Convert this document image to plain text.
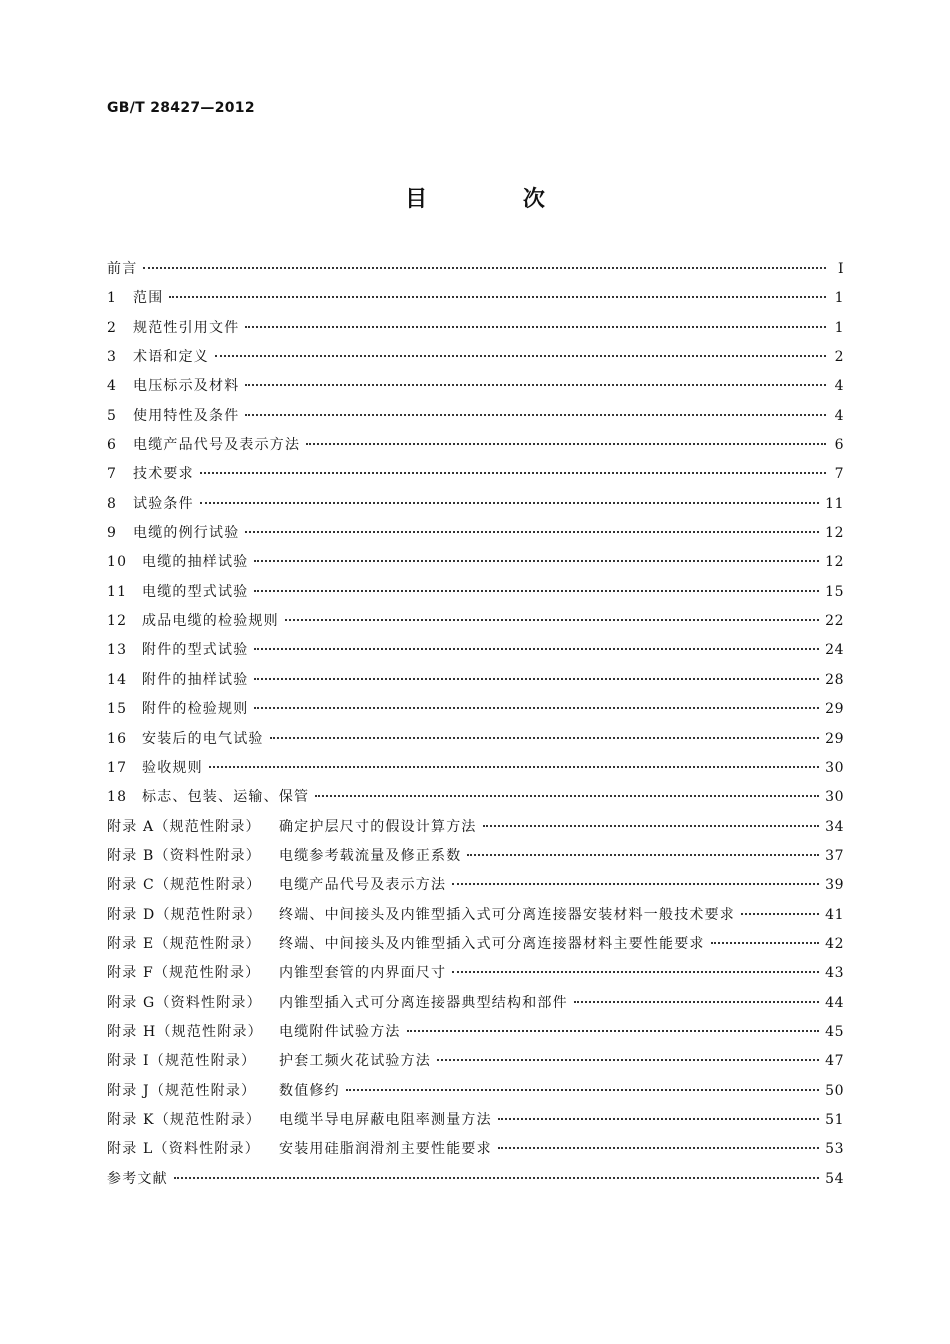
GB/T 28427—2012
目 次
前言	Ⅰ
1	范围	1
2	规范性引用文件	1
3	术语和定义	2
4	电压标示及材料	4
5	使用特性及条件	4
6	电缆产品代号及表示方法	6
7	技术要求	7
8	试验条件	11
9	电缆的例行试验	12
10	电缆的抽样试验	12
11	电缆的型式试验	15
12	成品电缆的检验规则	22
13	附件的型式试验	24
14	附件的抽样试验	28
15	附件的检验规则	29
16	安装后的电气试验	29
17	验收规则	30
18	标志、包装、运输、保管	30
附录 A（规范性附录）	确定护层尺寸的假设计算方法	34
附录 B（资料性附录）	电缆参考载流量及修正系数	37
附录 C（规范性附录）	电缆产品代号及表示方法	39
附录 D（规范性附录）	终端、中间接头及内锥型插入式可分离连接器安装材料一般技术要求	41
附录 E（规范性附录）	终端、中间接头及内锥型插入式可分离连接器材料主要性能要求	42
附录 F（规范性附录）	内锥型套管的内界面尺寸	43
附录 G（资料性附录）	内锥型插入式可分离连接器典型结构和部件	44
附录 H（规范性附录）	电缆附件试验方法	45
附录 I（规范性附录）	护套工频火花试验方法	47
附录 J（规范性附录）	数值修约	50
附录 K（规范性附录）	电缆半导电屏蔽电阻率测量方法	51
附录 L（资料性附录）	安装用硅脂润滑剂主要性能要求	53
参考文献	54
